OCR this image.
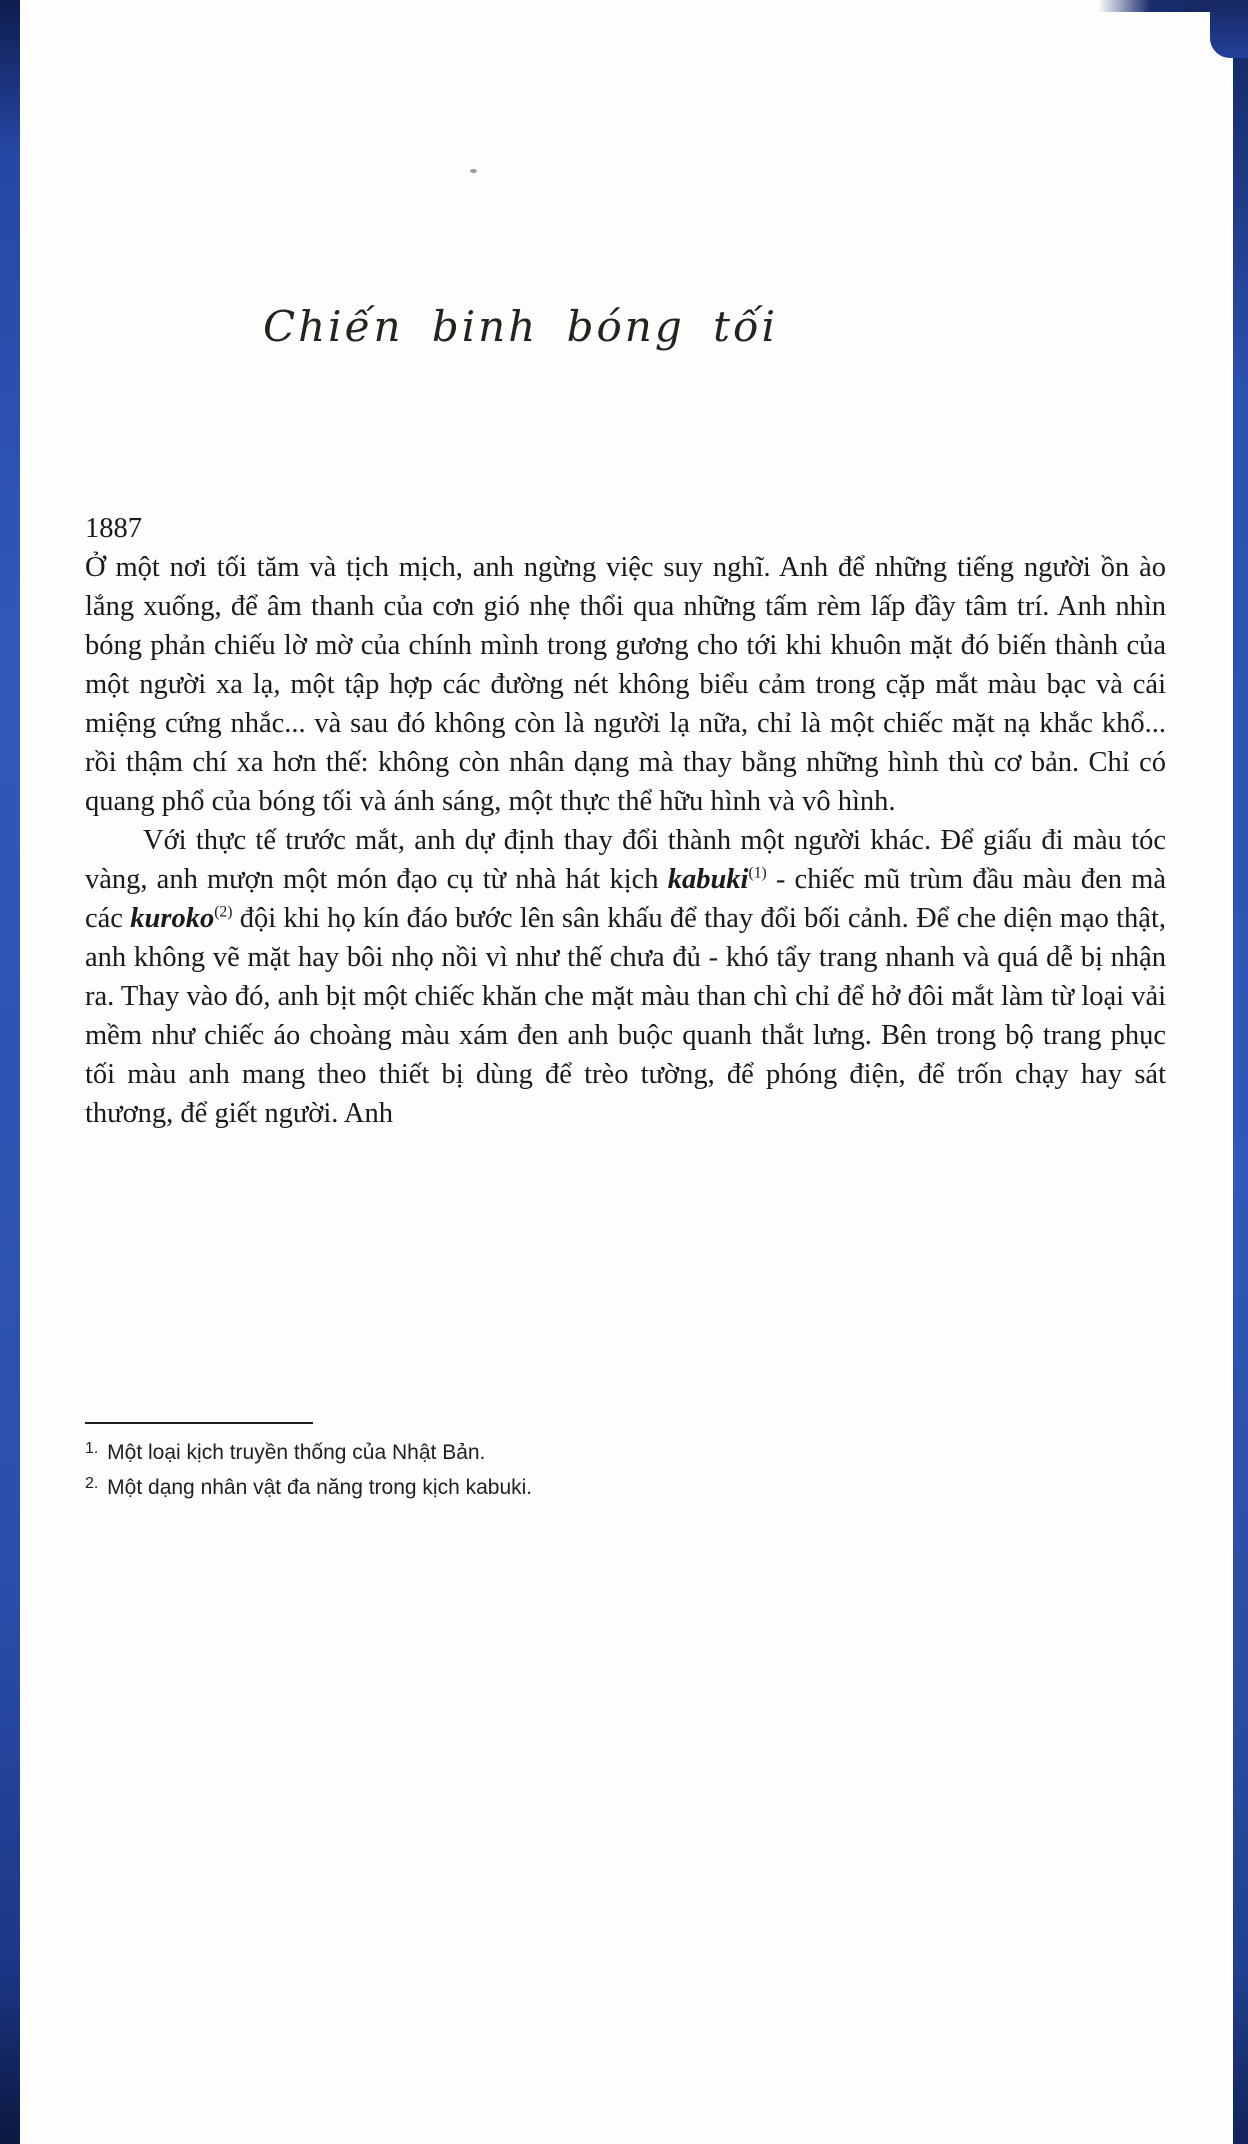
Chiến binh bóng tối

1887

Ở một nơi tối tăm và tịch mịch, anh ngừng việc suy nghĩ. Anh để những tiếng người ồn ào lắng xuống, để âm thanh của cơn gió nhẹ thổi qua những tấm rèm lấp đầy tâm trí. Anh nhìn bóng phản chiếu lờ mờ của chính mình trong gương cho tới khi khuôn mặt đó biến thành của một người xa lạ, một tập hợp các đường nét không biểu cảm trong cặp mắt màu bạc và cái miệng cứng nhắc... và sau đó không còn là người lạ nữa, chỉ là một chiếc mặt nạ khắc khổ... rồi thậm chí xa hơn thế: không còn nhân dạng mà thay bằng những hình thù cơ bản. Chỉ có quang phổ của bóng tối và ánh sáng, một thực thể hữu hình và vô hình.

Với thực tế trước mắt, anh dự định thay đổi thành một người khác. Để giấu đi màu tóc vàng, anh mượn một món đạo cụ từ nhà hát kịch kabuki$^{(1)}$ - chiếc mũ trùm đầu màu đen mà các kuroko$^{(2)}$ đội khi họ kín đáo bước lên sân khấu để thay đổi bối cảnh. Để che diện mạo thật, anh không vẽ mặt hay bôi nhọ nồi vì như thế chưa đủ - khó tẩy trang nhanh và quá dễ bị nhận ra. Thay vào đó, anh bịt một chiếc khăn che mặt màu than chì chỉ để hở đôi mắt làm từ loại vải mềm như chiếc áo choàng màu xám đen anh buộc quanh thắt lưng. Bên trong bộ trang phục tối màu anh mang theo thiết bị dùng để trèo tường, để phóng điện, để trốn chạy hay sát thương, để giết người. Anh

$^{1.}$ Một loại kịch truyền thống của Nhật Bản.
$^{2.}$ Một dạng nhân vật đa năng trong kịch kabuki.
